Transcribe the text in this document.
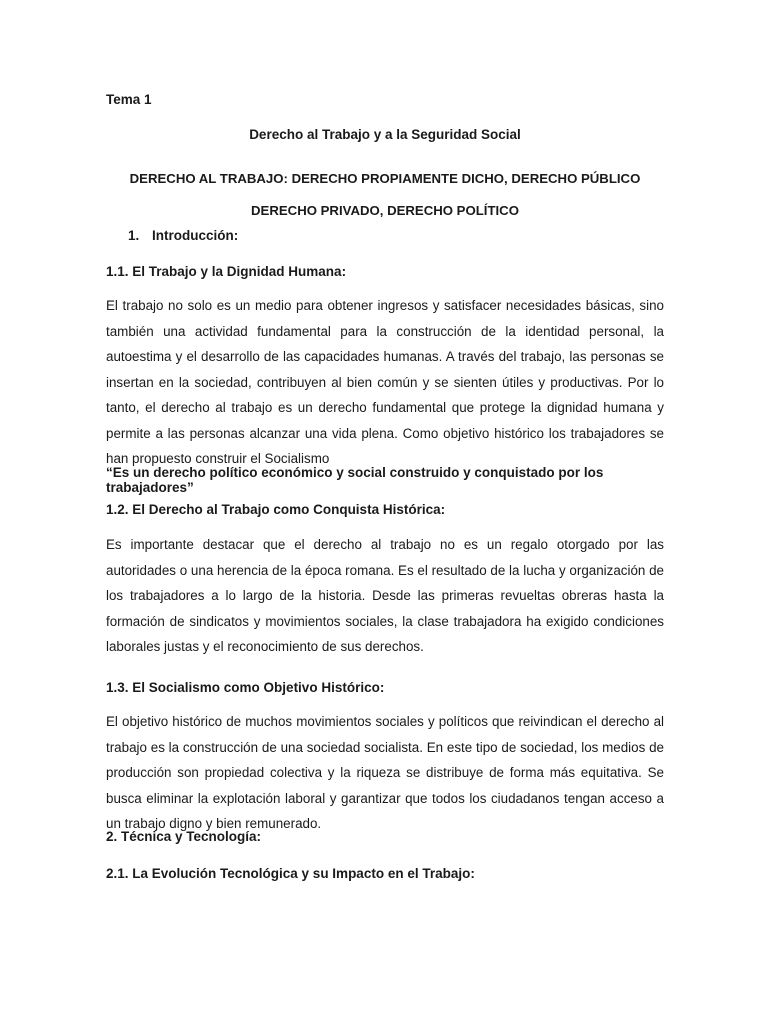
Tema 1

Derecho al Trabajo y a la Seguridad Social

DERECHO AL TRABAJO: DERECHO PROPIAMENTE DICHO, DERECHO PÚBLICO DERECHO PRIVADO, DERECHO POLÍTICO

1. Introducción:

1.1. El Trabajo y la Dignidad Humana:

El trabajo no solo es un medio para obtener ingresos y satisfacer necesidades básicas, sino también una actividad fundamental para la construcción de la identidad personal, la autoestima y el desarrollo de las capacidades humanas. A través del trabajo, las personas se insertan en la sociedad, contribuyen al bien común y se sienten útiles y productivas. Por lo tanto, el derecho al trabajo es un derecho fundamental que protege la dignidad humana y permite a las personas alcanzar una vida plena. Como objetivo histórico los trabajadores se han propuesto construir el Socialismo

“Es un derecho político económico y social construido y conquistado por los trabajadores”

1.2. El Derecho al Trabajo como Conquista Histórica:

Es importante destacar que el derecho al trabajo no es un regalo otorgado por las autoridades o una herencia de la época romana. Es el resultado de la lucha y organización de los trabajadores a lo largo de la historia. Desde las primeras revueltas obreras hasta la formación de sindicatos y movimientos sociales, la clase trabajadora ha exigido condiciones laborales justas y el reconocimiento de sus derechos.

1.3. El Socialismo como Objetivo Histórico:

El objetivo histórico de muchos movimientos sociales y políticos que reivindican el derecho al trabajo es la construcción de una sociedad socialista. En este tipo de sociedad, los medios de producción son propiedad colectiva y la riqueza se distribuye de forma más equitativa. Se busca eliminar la explotación laboral y garantizar que todos los ciudadanos tengan acceso a un trabajo digno y bien remunerado.

2. Técnica y Tecnología:

2.1. La Evolución Tecnológica y su Impacto en el Trabajo:
